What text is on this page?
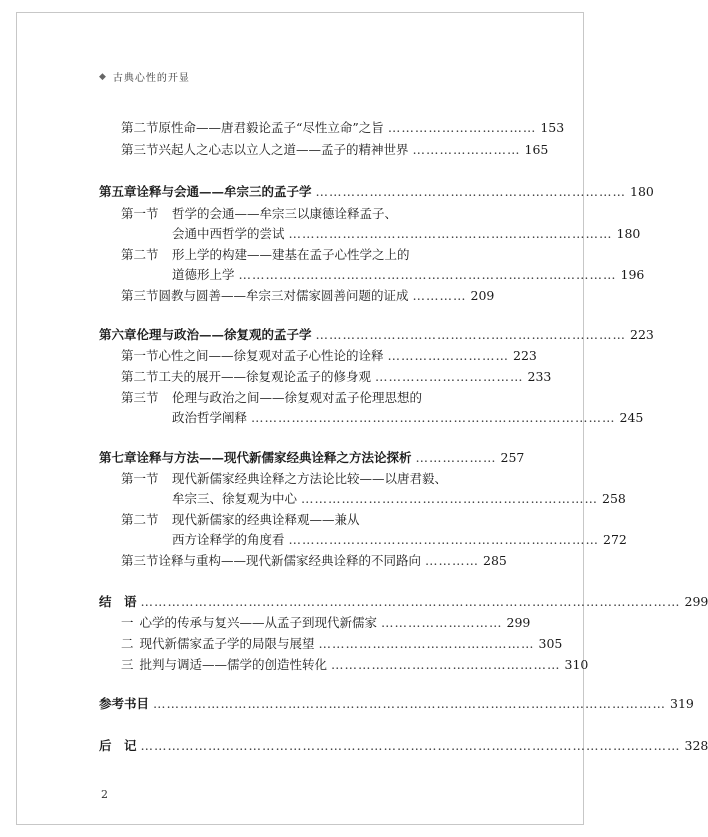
◆ 古典心性的开显
第二节 原性命——唐君毅论孟子“尽性立命”之旨 …………………………… 153
第三节 兴起人之心志以立人之道——孟子的精神世界 …………………… 165
第五章 诠释与会通——牟宗三的孟子学 …………………………………………………………… 180
第一节	哲学的会通——牟宗三以康德诠释孟子、
会通中西哲学的尝试 ……………………………………………………………… 180
第二节	形上学的构建——建基在孟子心性学之上的
道德形上学 ………………………………………………………………………… 196
第三节 圆教与圆善——牟宗三对儒家圆善问题的证成 ………… 209
第六章 伦理与政治——徐复观的孟子学 …………………………………………………………… 223
第一节 心性之间——徐复观对孟子心性论的诠释 ……………………… 223
第二节 工夫的展开——徐复观论孟子的修身观 …………………………… 233
第三节	伦理与政治之间——徐复观对孟子伦理思想的
政治哲学阐释 ……………………………………………………………………… 245
第七章 诠释与方法——现代新儒家经典诠释之方法论探析 ……………… 257
第一节	现代新儒家经典诠释之方法论比较——以唐君毅、
牟宗三、徐复观为中心 ………………………………………………………… 258
第二节	现代新儒家的经典诠释观——兼从
西方诠释学的角度看 …………………………………………………………… 272
第三节 诠释与重构——现代新儒家经典诠释的不同路向 ………… 285
结　语 ………………………………………………………………………………………………………… 299
一 心学的传承与复兴——从孟子到现代新儒家 ……………………… 299
二 现代新儒家孟子学的局限与展望 ………………………………………… 305
三 批判与调适——儒学的创造性转化 …………………………………………… 310
参考书目 …………………………………………………………………………………………………… 319
后　记 ………………………………………………………………………………………………………… 328
2
